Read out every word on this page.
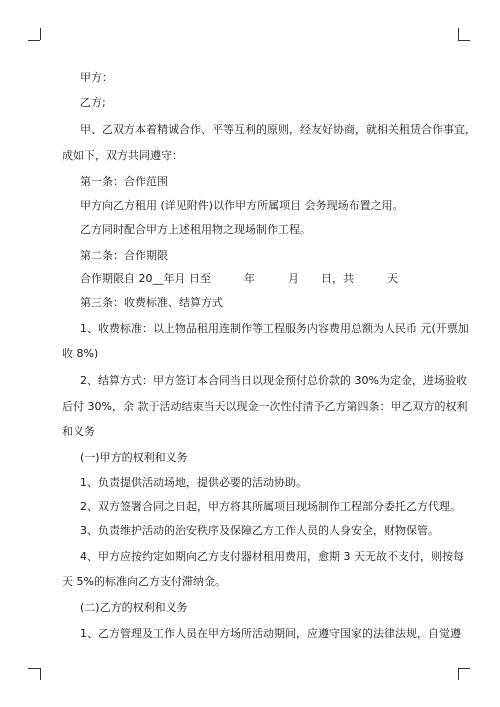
甲方：
乙方;
甲、乙双方本着精诚合作、平等互利的原则，经友好协商，就相关租赁合作事宜，
成如下，双方共同遵守：
第一条：合作范围
甲方向乙方租用 (详见附件)以作甲方所属项目 会务现场布置之用。
乙方同时配合甲方上述租用物之现场制作工程。
第二条：合作期限
合作期限自 20__年月 日至　　　年　　　月　　日，共　　　天
第三条：收费标准、结算方式
1、收费标准：以上物品租用连制作等工程服务内容费用总额为人民币 元(开票加
收 8%)
2、结算方式：甲方签订本合同当日以现金预付总价款的 30%为定金，进场验收
后付 30%，余 款于活动结束当天以现金一次性付清予乙方第四条：甲乙双方的权利
和义务
(一)甲方的权利和义务
1、负责提供活动场地，提供必要的活动协助。
2、双方签署合同之日起，甲方将其所属项目现场制作工程部分委托乙方代理。
3、负责维护活动的治安秩序及保障乙方工作人员的人身安全，财物保管。
4、甲方应按约定如期向乙方支付器材租用费用，愈期 3 天无故不支付，则按每
天 5%的标准向乙方支付滞纳金。
(二)乙方的权利和义务
1、乙方管理及工作人员在甲方场所活动期间，应遵守国家的法律法规，自觉遵
